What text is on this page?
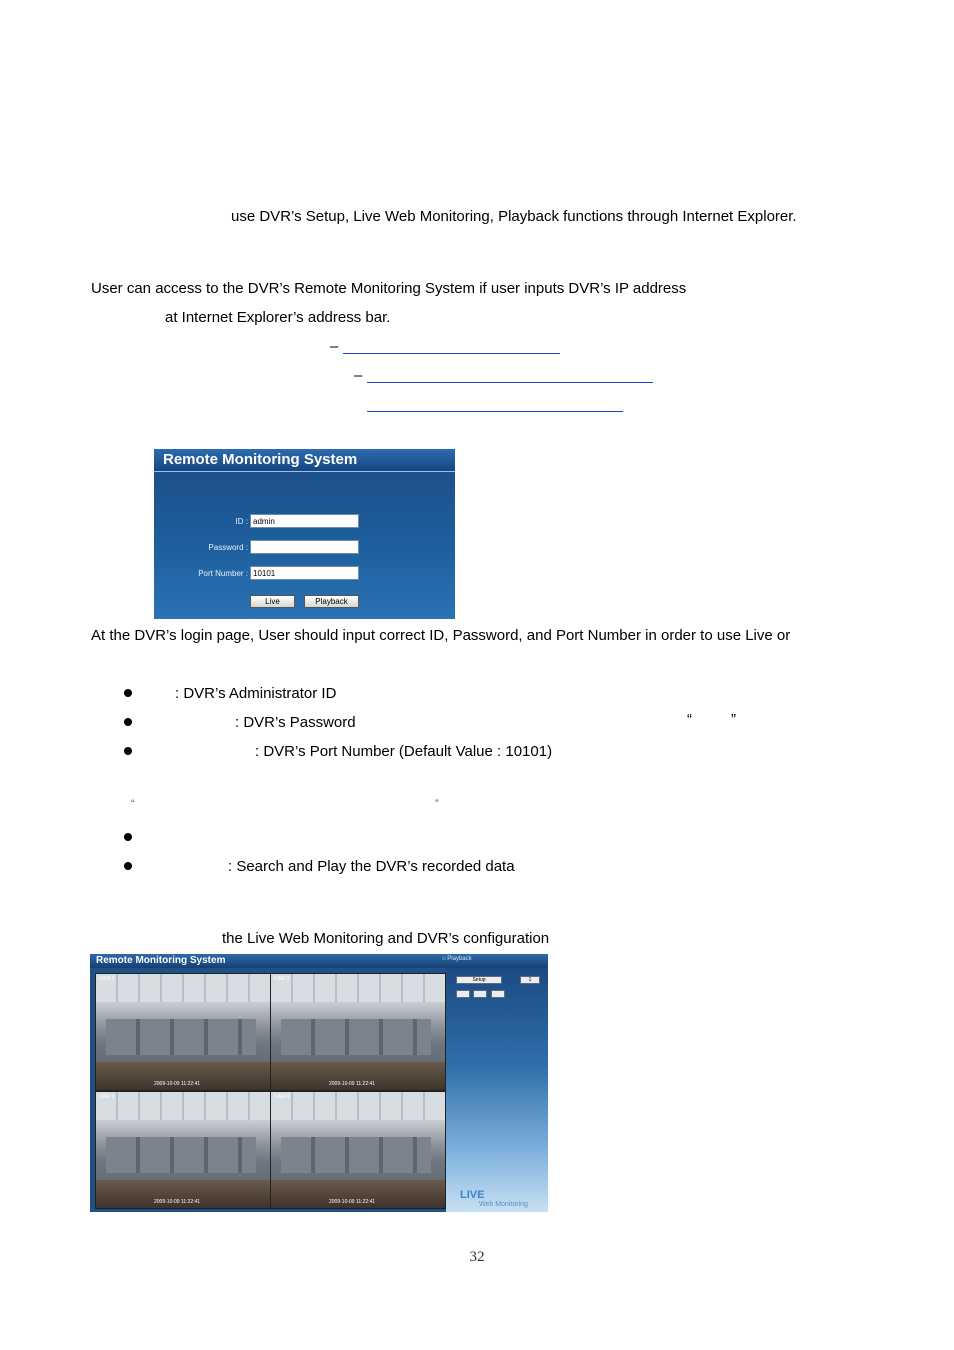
use DVR’s Setup, Live Web Monitoring, Playback functions through Internet Explorer.
User can access to the DVR’s Remote Monitoring System if user inputs DVR’s IP address
at Internet Explorer’s address bar.
–
–
Remote Monitoring System
ID : admin
Password :
Port Number : 10101
Live	Playback
At the DVR’s login page, User should input correct ID, Password, and Port Number in order to use Live or
: DVR’s Administrator ID
: DVR’s Password	“	”
: DVR’s Port Number (Default Value : 10101)
“	”
: Search and Play the DVR’s recorded data
the Live Web Monitoring and DVR’s configuration
Remote Monitoring System	⌂ Playback
CAM 1
2009-10-09 11:22:41
CAM 2
2009-10-09 11:22:41
CAM 3
2009-10-09 11:22:41
CAM 4
2009-10-09 11:22:41
Setup	1
LIVE
Web Monitoring
32
